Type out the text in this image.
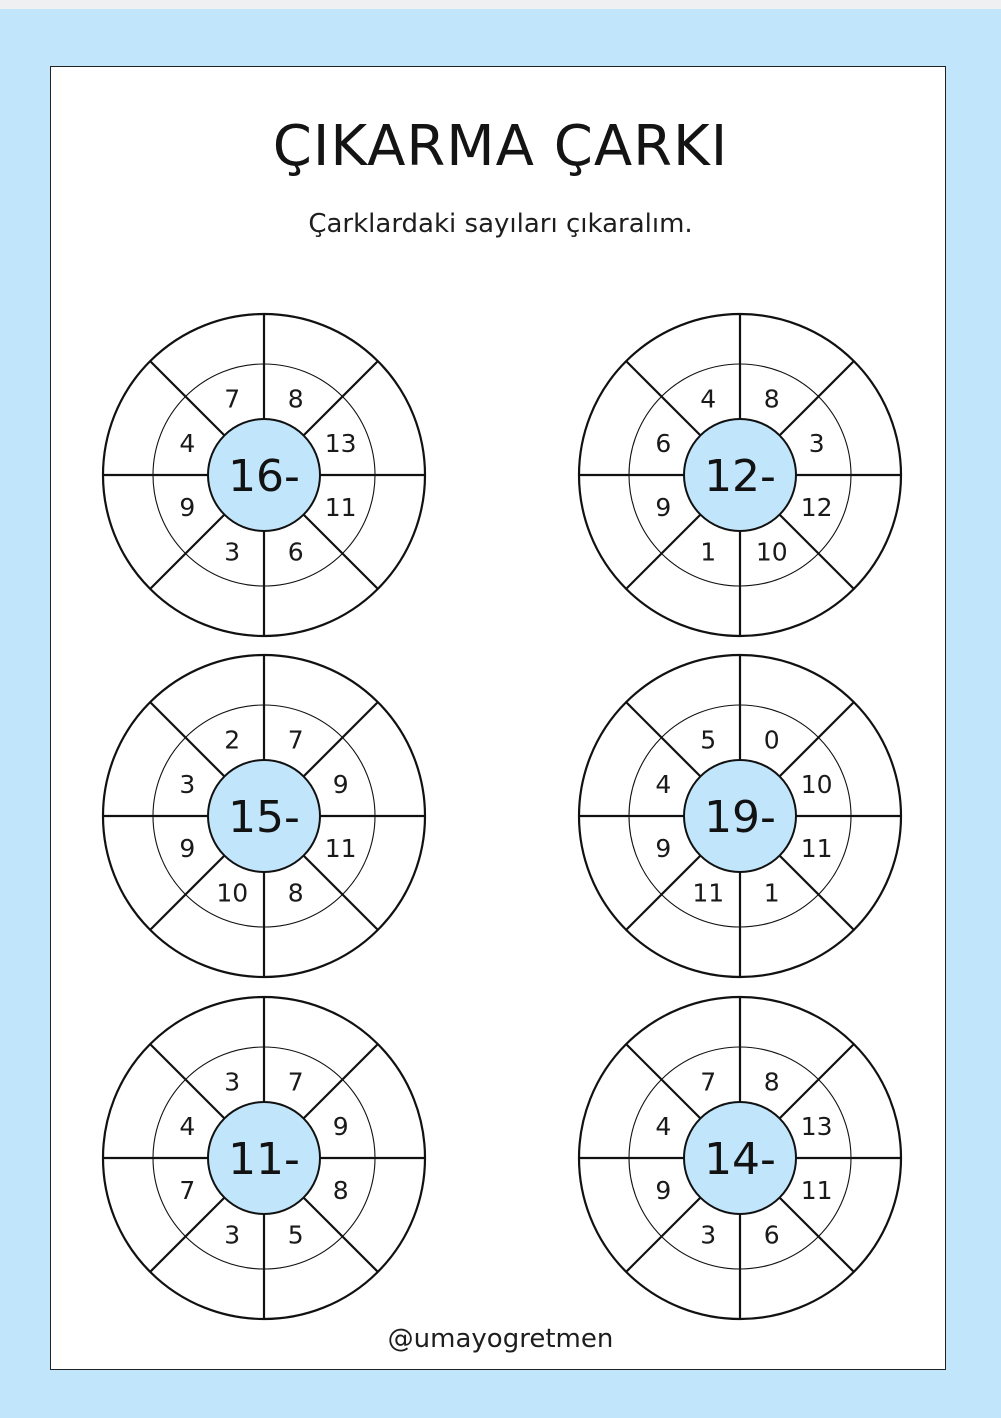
ÇIKARMA ÇARKI
Çarklardaki sayıları çıkaralım.
16-
8
13
11
6
3
9
4
7
12-
8
3
12
10
1
9
6
4
15-
7
9
11
8
10
9
3
2
19-
0
10
11
1
11
9
4
5
11-
7
9
8
5
3
7
4
3
14-
8
13
11
6
3
9
4
7
@umayogretmen
